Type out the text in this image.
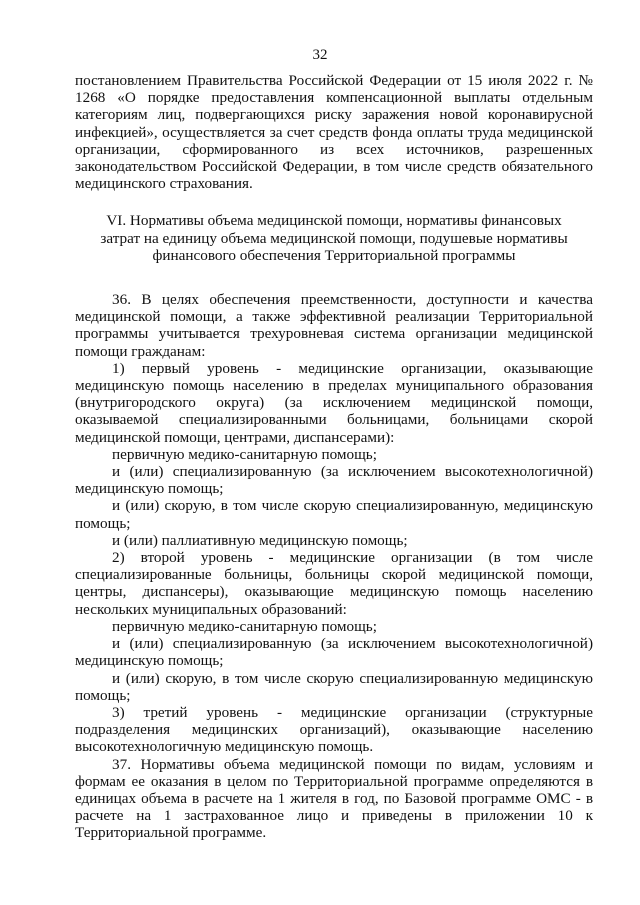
32

постановлением Правительства Российской Федерации от 15 июля 2022 г. № 1268 «О порядке предоставления компенсационной выплаты отдельным категориям лиц, подвергающихся риску заражения новой коронавирусной инфекцией», осуществляется за счет средств фонда оплаты труда медицинской организации, сформированного из всех источников, разрешенных законодательством Российской Федерации, в том числе средств обязательного медицинского страхования.

VI. Нормативы объема медицинской помощи, нормативы финансовых затрат на единицу объема медицинской помощи, подушевые нормативы финансового обеспечения Территориальной программы

36. В целях обеспечения преемственности, доступности и качества медицинской помощи, а также эффективной реализации Территориальной программы учитывается трехуровневая система организации медицинской помощи гражданам:

1) первый уровень - медицинские организации, оказывающие медицинскую помощь населению в пределах муниципального образования (внутригородского округа) (за исключением медицинской помощи, оказываемой специализированными больницами, больницами скорой медицинской помощи, центрами, диспансерами):

первичную медико-санитарную помощь;

и (или) специализированную (за исключением высокотехнологичной) медицинскую помощь;

и (или) скорую, в том числе скорую специализированную, медицинскую помощь;

и (или) паллиативную медицинскую помощь;

2) второй уровень - медицинские организации (в том числе специализированные больницы, больницы скорой медицинской помощи, центры, диспансеры), оказывающие медицинскую помощь населению нескольких муниципальных образований:

первичную медико-санитарную помощь;

и (или) специализированную (за исключением высокотехнологичной) медицинскую помощь;

и (или) скорую, в том числе скорую специализированную медицинскую помощь;

3) третий уровень - медицинские организации (структурные подразделения медицинских организаций), оказывающие населению высокотехнологичную медицинскую помощь.

37. Нормативы объема медицинской помощи по видам, условиям и формам ее оказания в целом по Территориальной программе определяются в единицах объема в расчете на 1 жителя в год, по Базовой программе ОМС - в расчете на 1 застрахованное лицо и приведены в приложении 10 к Территориальной программе.
